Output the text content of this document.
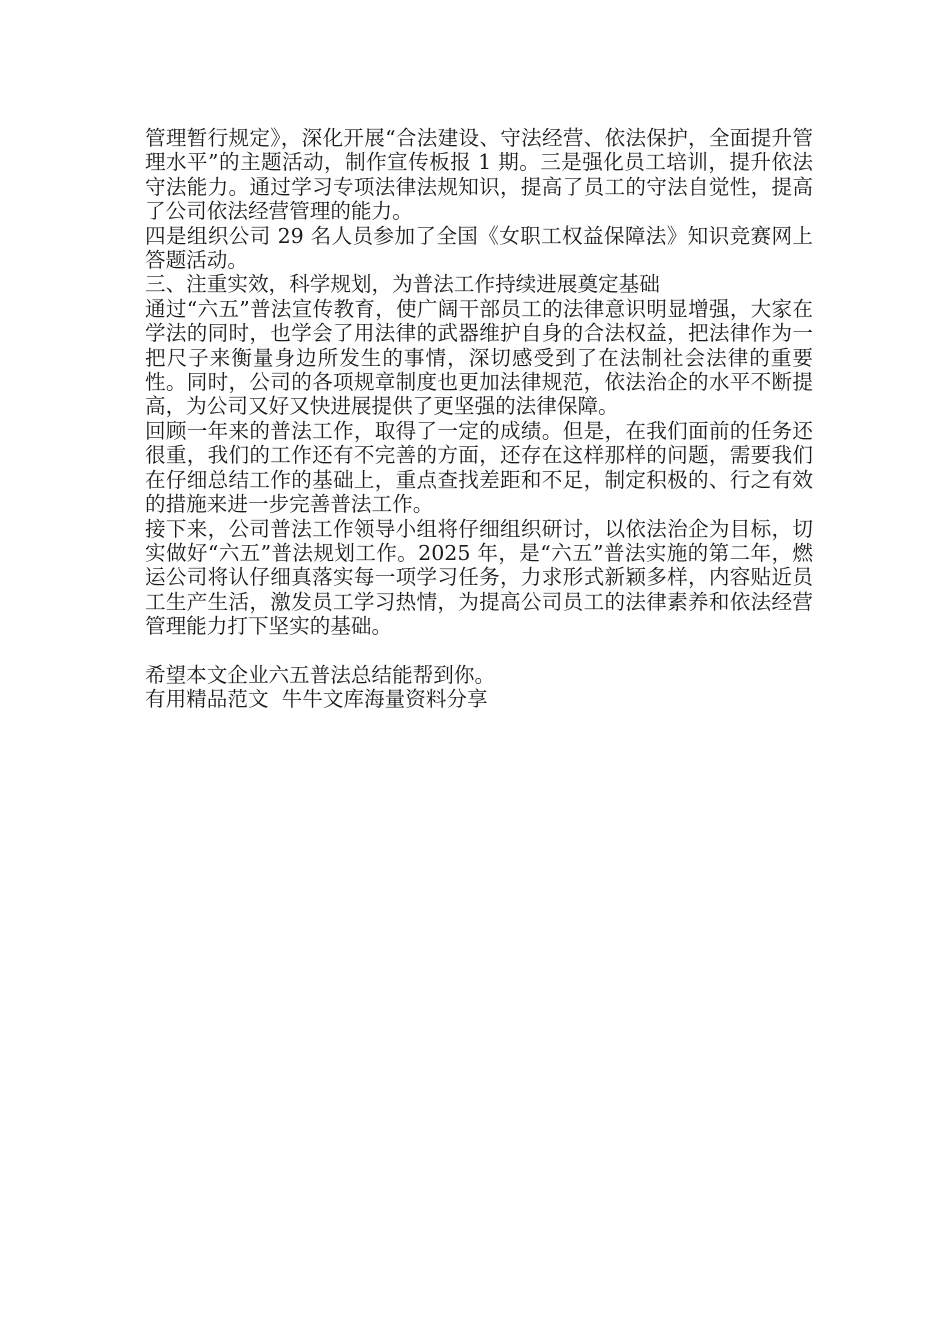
管理暂行规定》，深化开展“合法建设、守法经营、依法保护，全面提升管理水平”的主题活动，制作宣传板报 1 期。三是强化员工培训，提升依法守法能力。通过学习专项法律法规知识，提高了员工的守法自觉性，提高了公司依法经营管理的能力。

四是组织公司 29 名人员参加了全国《女职工权益保障法》知识竞赛网上答题活动。

三、注重实效，科学规划，为普法工作持续进展奠定基础

通过“六五”普法宣传教育，使广阔干部员工的法律意识明显增强，大家在学法的同时，也学会了用法律的武器维护自身的合法权益，把法律作为一把尺子来衡量身边所发生的事情，深切感受到了在法制社会法律的重要性。同时，公司的各项规章制度也更加法律规范，依法治企的水平不断提高，为公司又好又快进展提供了更坚强的法律保障。

回顾一年来的普法工作，取得了一定的成绩。但是，在我们面前的任务还很重，我们的工作还有不完善的方面，还存在这样那样的问题，需要我们在仔细总结工作的基础上，重点查找差距和不足，制定积极的、行之有效的措施来进一步完善普法工作。

接下来，公司普法工作领导小组将仔细组织研讨，以依法治企为目标，切实做好“六五”普法规划工作。2025 年，是“六五”普法实施的第二年，燃运公司将认仔细真落实每一项学习任务，力求形式新颖多样，内容贴近员工生产生活，激发员工学习热情，为提高公司员工的法律素养和依法经营管理能力打下坚实的基础。

希望本文企业六五普法总结能帮到你。

有用精品范文  牛牛文库海量资料分享
